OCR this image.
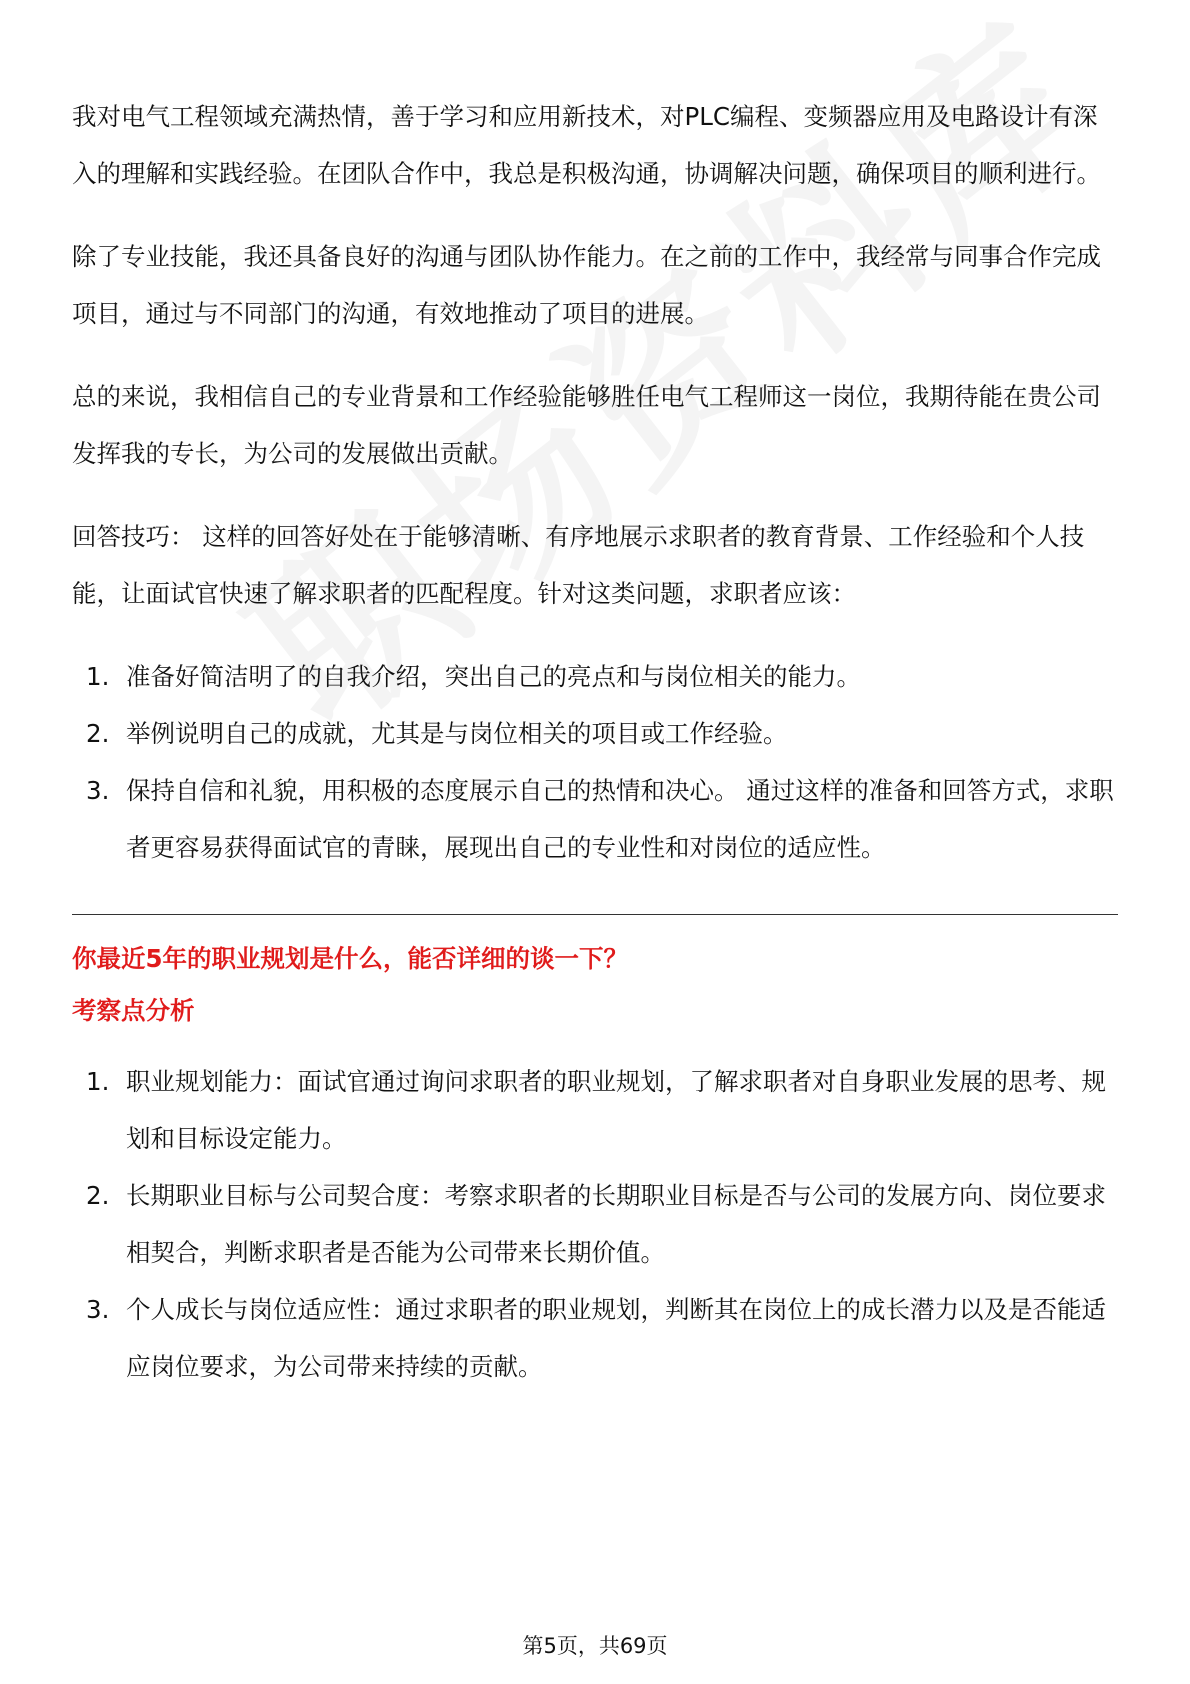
我对电气工程领域充满热情，善于学习和应用新技术，对PLC编程、变频器应用及电路设计有深入的理解和实践经验。在团队合作中，我总是积极沟通，协调解决问题，确保项目的顺利进行。

除了专业技能，我还具备良好的沟通与团队协作能力。在之前的工作中，我经常与同事合作完成项目，通过与不同部门的沟通，有效地推动了项目的进展。

总的来说，我相信自己的专业背景和工作经验能够胜任电气工程师这一岗位，我期待能在贵公司发挥我的专长，为公司的发展做出贡献。

回答技巧： 这样的回答好处在于能够清晰、有序地展示求职者的教育背景、工作经验和个人技能，让面试官快速了解求职者的匹配程度。针对这类问题，求职者应该：

1. 准备好简洁明了的自我介绍，突出自己的亮点和与岗位相关的能力。
2. 举例说明自己的成就，尤其是与岗位相关的项目或工作经验。
3. 保持自信和礼貌，用积极的态度展示自己的热情和决心。 通过这样的准备和回答方式，求职者更容易获得面试官的青睐，展现出自己的专业性和对岗位的适应性。
你最近5年的职业规划是什么，能否详细的谈一下？
考察点分析
1. 职业规划能力：面试官通过询问求职者的职业规划，了解求职者对自身职业发展的思考、规划和目标设定能力。
2. 长期职业目标与公司契合度：考察求职者的长期职业目标是否与公司的发展方向、岗位要求相契合，判断求职者是否能为公司带来长期价值。
3. 个人成长与岗位适应性：通过求职者的职业规划，判断其在岗位上的成长潜力以及是否能适应岗位要求，为公司带来持续的贡献。
第5页，共69页
